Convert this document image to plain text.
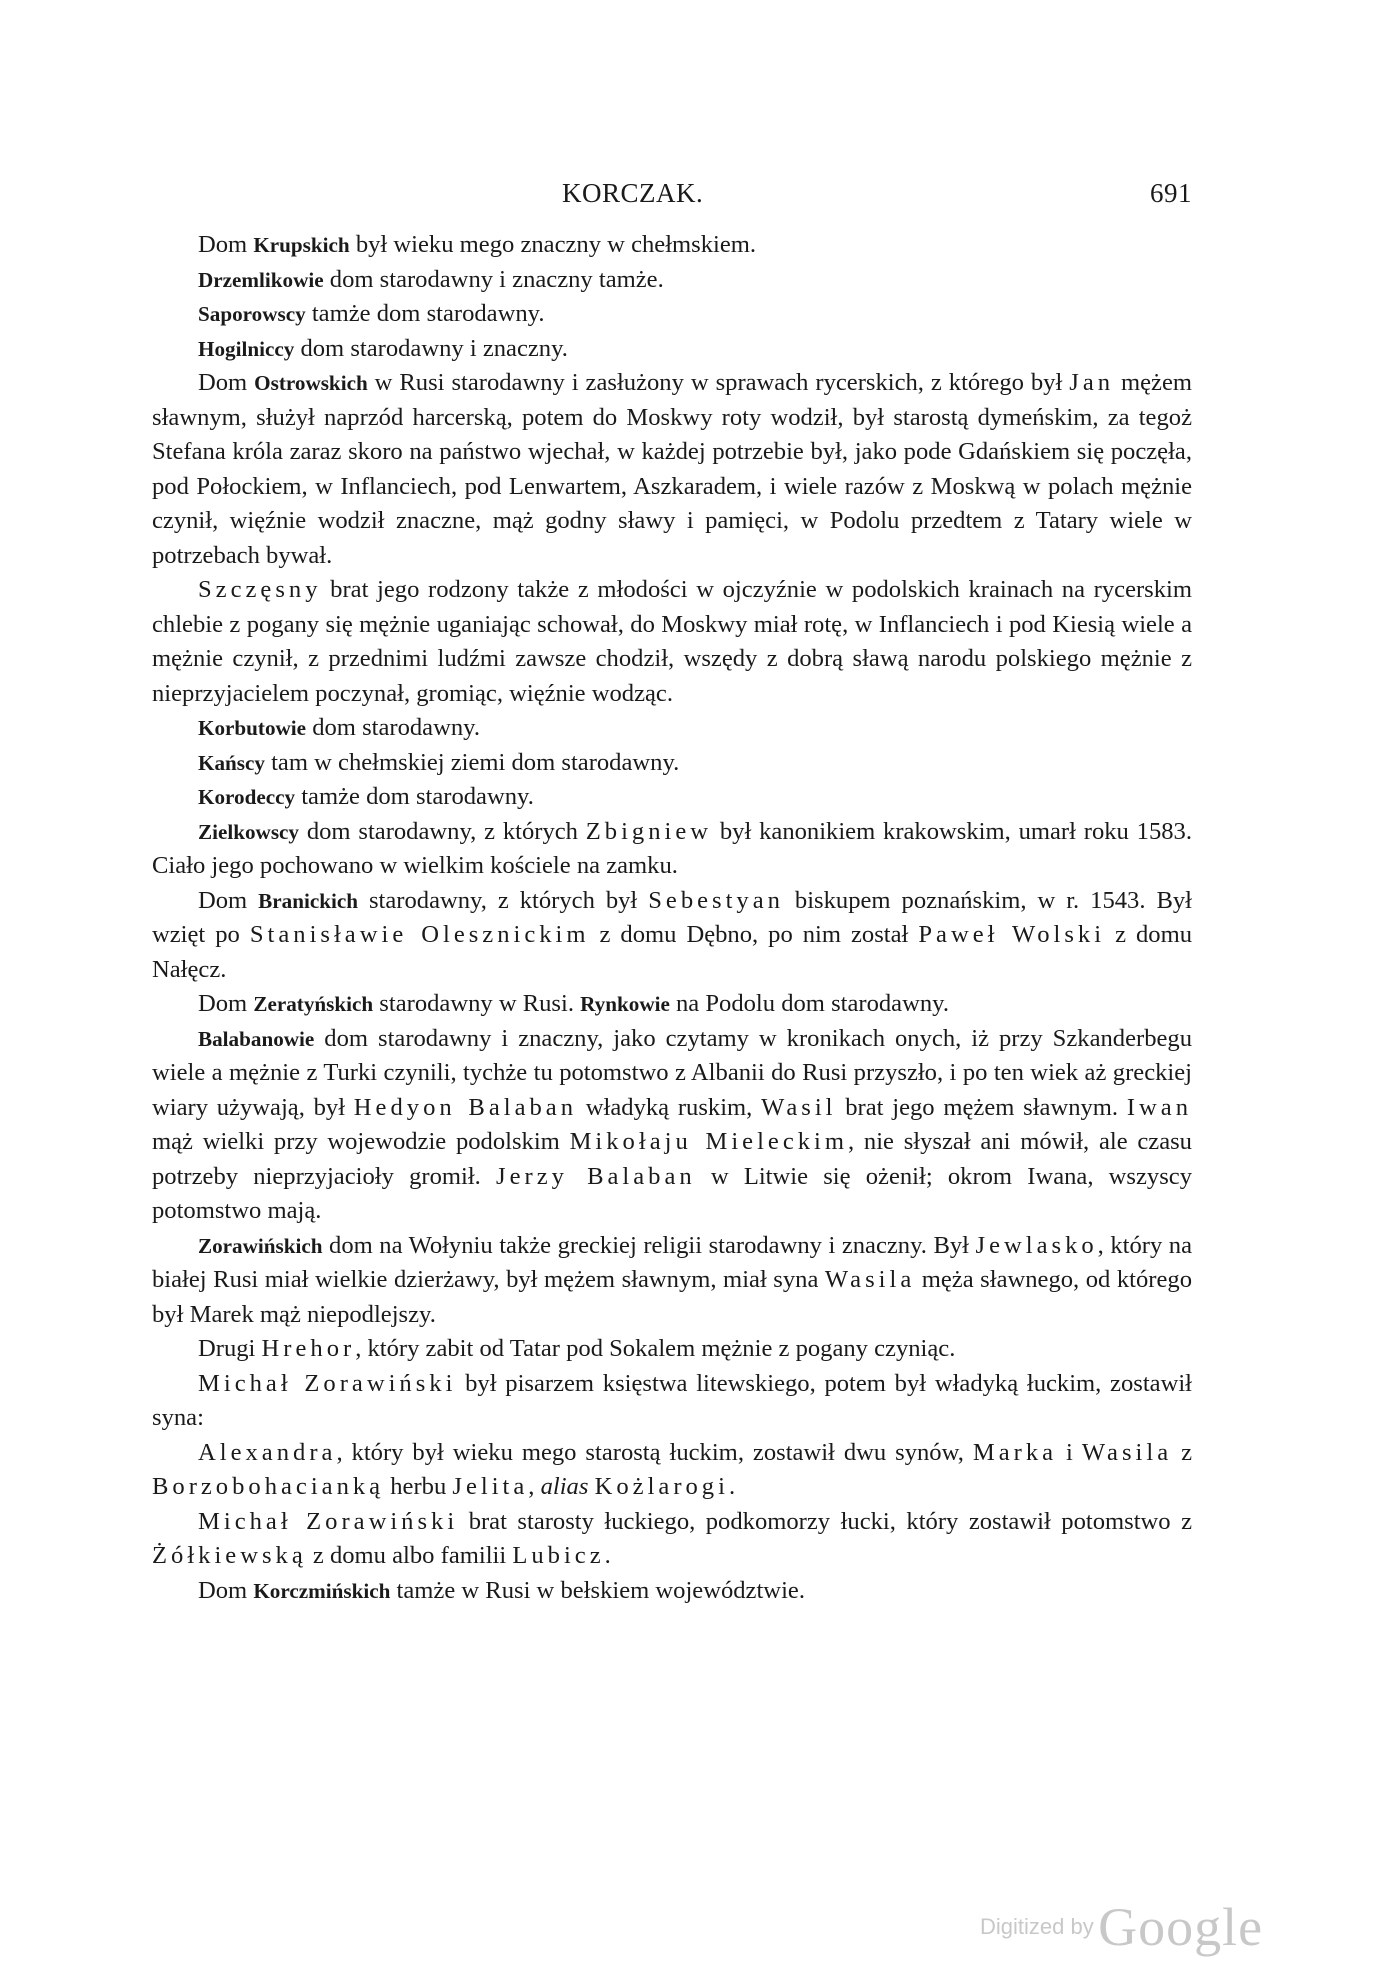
KORCZAK.	691

Dom Krupskich był wieku mego znaczny w chełmskiem.

Drzemlikowie dom starodawny i znaczny tamże.

Saporowscy tamże dom starodawny.

Hogilniccy dom starodawny i znaczny.

Dom Ostrowskich w Rusi starodawny i zasłużony w sprawach rycerskich, z którego był Jan mężem sławnym, służył naprzód harcerską, potem do Moskwy roty wodził, był starostą dymeńskim, za tegoż Stefana króla zaraz skoro na państwo wjechał, w każdej potrzebie był, jako pode Gdańskiem się poczęła, pod Połockiem, w Inflanciech, pod Lenwartem, Aszkaradem, i wiele razów z Moskwą w polach mężnie czynił, więźnie wodził znaczne, mąż godny sławy i pamięci, w Podolu przedtem z Tatary wiele w potrzebach bywał.

Szczęsny brat jego rodzony także z młodości w ojczyźnie w podolskich krainach na rycerskim chlebie z pogany się mężnie uganiając schował, do Moskwy miał rotę, w Inflanciech i pod Kiesią wiele a mężnie czynił, z przednimi ludźmi zawsze chodził, wszędy z dobrą sławą narodu polskiego mężnie z nieprzyjacielem poczynał, gromiąc, więźnie wodząc.

Korbutowie dom starodawny.

Kańscy tam w chełmskiej ziemi dom starodawny.

Korodeccy tamże dom starodawny.

Zielkowscy dom starodawny, z których Zbigniew był kanonikiem krakowskim, umarł roku 1583. Ciało jego pochowano w wielkim kościele na zamku.

Dom Branickich starodawny, z których był Sebestyan biskupem poznańskim, w r. 1543. Był wzięt po Stanisławie Olesznickim z domu Dębno, po nim został Paweł Wolski z domu Nałęcz.

Dom Zeratyńskich starodawny w Rusi. Rynkowie na Podolu dom starodawny.

Balabanowie dom starodawny i znaczny, jako czytamy w kronikach onych, iż przy Szkanderbegu wiele a mężnie z Turki czynili, tychże tu potomstwo z Albanii do Rusi przyszło, i po ten wiek aż greckiej wiary używają, był Hedyon Balaban władyką ruskim, Wasil brat jego mężem sławnym. Iwan mąż wielki przy wojewodzie podolskim Mikołaju Mieleckim, nie słyszał ani mówił, ale czasu potrzeby nieprzyjacioły gromił. Jerzy Balaban w Litwie się ożenił; okrom Iwana, wszyscy potomstwo mają.

Zorawińskich dom na Wołyniu także greckiej religii starodawny i znaczny. Był Jewlasko, który na białej Rusi miał wielkie dzierżawy, był mężem sławnym, miał syna Wasila męża sławnego, od którego był Marek mąż niepodlejszy.

Drugi Hrehor, który zabit od Tatar pod Sokalem mężnie z pogany czyniąc.

Michał Zorawiński był pisarzem księstwa litewskiego, potem był władyką łuckim, zostawił syna:

Alexandra, który był wieku mego starostą łuckim, zostawił dwu synów, Marka i Wasila z Borzobohacianką herbu Jelita, alias Kożlarogi.

Michał Zorawiński brat starosty łuckiego, podkomorzy łucki, który zostawił potomstwo z Żółkiewską z domu albo familii Lubicz.

Dom Korczmińskich tamże w Rusi w bełskiem województwie.

Digitized by Google
